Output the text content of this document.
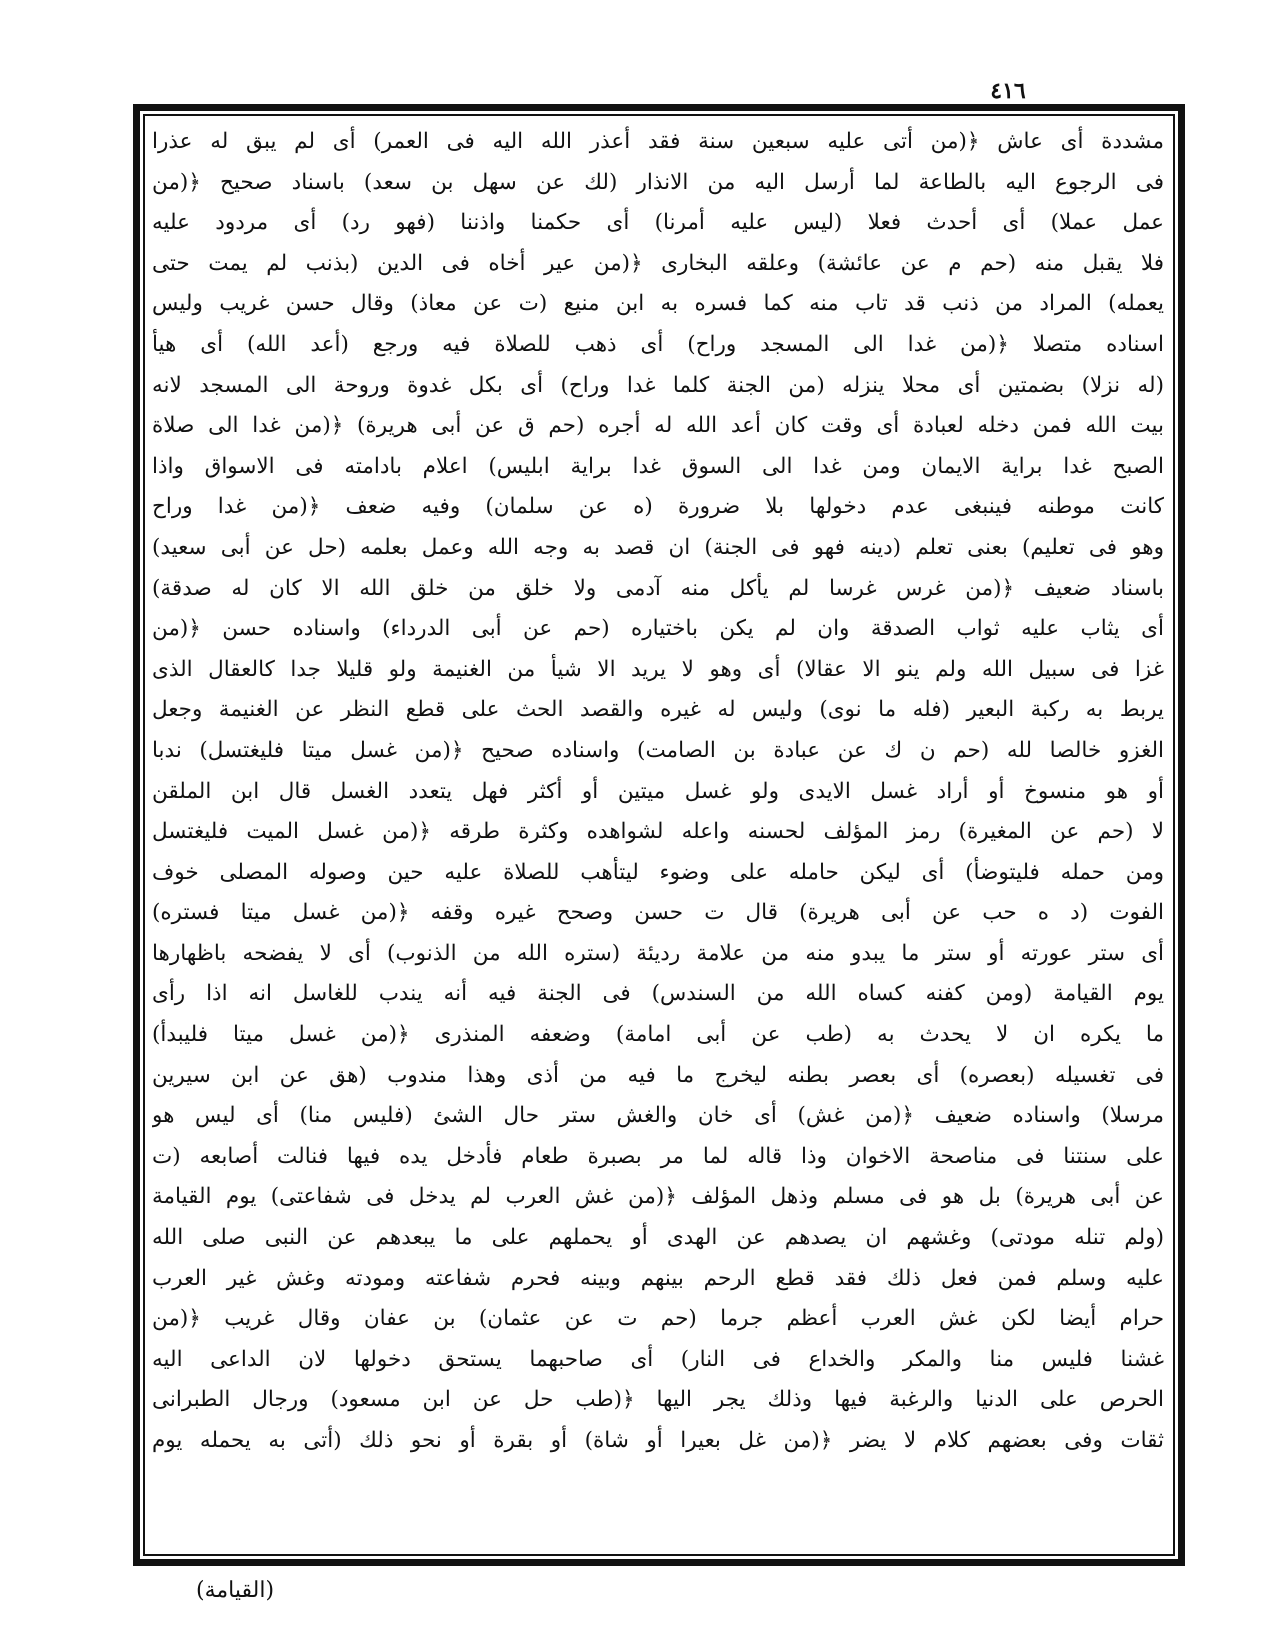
٤١٦
مشددة أى عاش ﴿(من أتى عليه سبعين سنة فقد أعذر الله اليه فى العمر) أى لم يبق له عذرا
فى الرجوع اليه بالطاعة لما أرسل اليه من الانذار (لك عن سهل بن سعد) باسناد صحيح ﴿(من
عمل عملا) أى أحدث فعلا (ليس عليه أمرنا) أى حكمنا واذننا (فهو رد) أى مردود عليه
فلا يقبل منه (حم م عن عائشة) وعلقه البخارى ﴿(من عير أخاه فى الدين (بذنب لم يمت حتى
يعمله) المراد من ذنب قد تاب منه كما فسره به ابن منيع (ت عن معاذ) وقال حسن غريب وليس
اسناده متصلا ﴿(من غدا الى المسجد وراح) أى ذهب للصلاة فيه ورجع (أعد الله) أى هيأ
(له نزلا) بضمتين أى محلا ينزله (من الجنة كلما غدا وراح) أى بكل غدوة وروحة الى المسجد لانه
بيت الله فمن دخله لعبادة أى وقت كان أعد الله له أجره (حم ق عن أبى هريرة) ﴿(من غدا الى صلاة
الصبح غدا براية الايمان ومن غدا الى السوق غدا براية ابليس) اعلام بادامته فى الاسواق واذا
كانت موطنه فينبغى عدم دخولها بلا ضرورة (ه عن سلمان) وفيه ضعف ﴿(من غدا وراح
وهو فى تعليم) بعنى تعلم (دينه فهو فى الجنة) ان قصد به وجه الله وعمل بعلمه (حل عن أبى سعيد)
باسناد ضعيف ﴿(من غرس غرسا لم يأكل منه آدمى ولا خلق من خلق الله الا كان له صدقة)
أى يثاب عليه ثواب الصدقة وان لم يكن باختياره (حم عن أبى الدرداء) واسناده حسن ﴿(من
غزا فى سبيل الله ولم ينو الا عقالا) أى وهو لا يريد الا شيأ من الغنيمة ولو قليلا جدا كالعقال الذى
يربط به ركبة البعير (فله ما نوى) وليس له غيره والقصد الحث على قطع النظر عن الغنيمة وجعل
الغزو خالصا لله (حم ن ك عن عبادة بن الصامت) واسناده صحيح ﴿(من غسل ميتا فليغتسل) ندبا
أو هو منسوخ أو أراد غسل الايدى ولو غسل ميتين أو أكثر فهل يتعدد الغسل قال ابن الملقن
لا (حم عن المغيرة) رمز المؤلف لحسنه واعله لشواهده وكثرة طرقه ﴿(من غسل الميت فليغتسل
ومن حمله فليتوضأ) أى ليكن حامله على وضوء ليتأهب للصلاة عليه حين وصوله المصلى خوف
الفوت (د ه حب عن أبى هريرة) قال ت حسن وصحح غيره وقفه ﴿(من غسل ميتا فستره)
أى ستر عورته أو ستر ما يبدو منه من علامة رديئة (ستره الله من الذنوب) أى لا يفضحه باظهارها
يوم القيامة (ومن كفنه كساه الله من السندس) فى الجنة فيه أنه يندب للغاسل انه اذا رأى
ما يكره ان لا يحدث به (طب عن أبى امامة) وضعفه المنذرى ﴿(من غسل ميتا فليبدأ)
فى تغسيله (بعصره) أى بعصر بطنه ليخرج ما فيه من أذى وهذا مندوب (هق عن ابن سيرين
مرسلا) واسناده ضعيف ﴿(من غش) أى خان والغش ستر حال الشئ (فليس منا) أى ليس هو
على سنتنا فى مناصحة الاخوان وذا قاله لما مر بصبرة طعام فأدخل يده فيها فنالت أصابعه (ت
عن أبى هريرة) بل هو فى مسلم وذهل المؤلف ﴿(من غش العرب لم يدخل فى شفاعتى) يوم القيامة
(ولم تنله مودتى) وغشهم ان يصدهم عن الهدى أو يحملهم على ما يبعدهم عن النبى صلى الله
عليه وسلم فمن فعل ذلك فقد قطع الرحم بينهم وبينه فحرم شفاعته ومودته وغش غير العرب
حرام أيضا لكن غش العرب أعظم جرما (حم ت عن عثمان) بن عفان وقال غريب ﴿(من
غشنا فليس منا والمكر والخداع فى النار) أى صاحبهما يستحق دخولها لان الداعى اليه
الحرص على الدنيا والرغبة فيها وذلك يجر اليها ﴿(طب حل عن ابن مسعود) ورجال الطبرانى
ثقات وفى بعضهم كلام لا يضر ﴿(من غل بعيرا أو شاة) أو بقرة أو نحو ذلك (أتى به يحمله يوم
(القيامة)
